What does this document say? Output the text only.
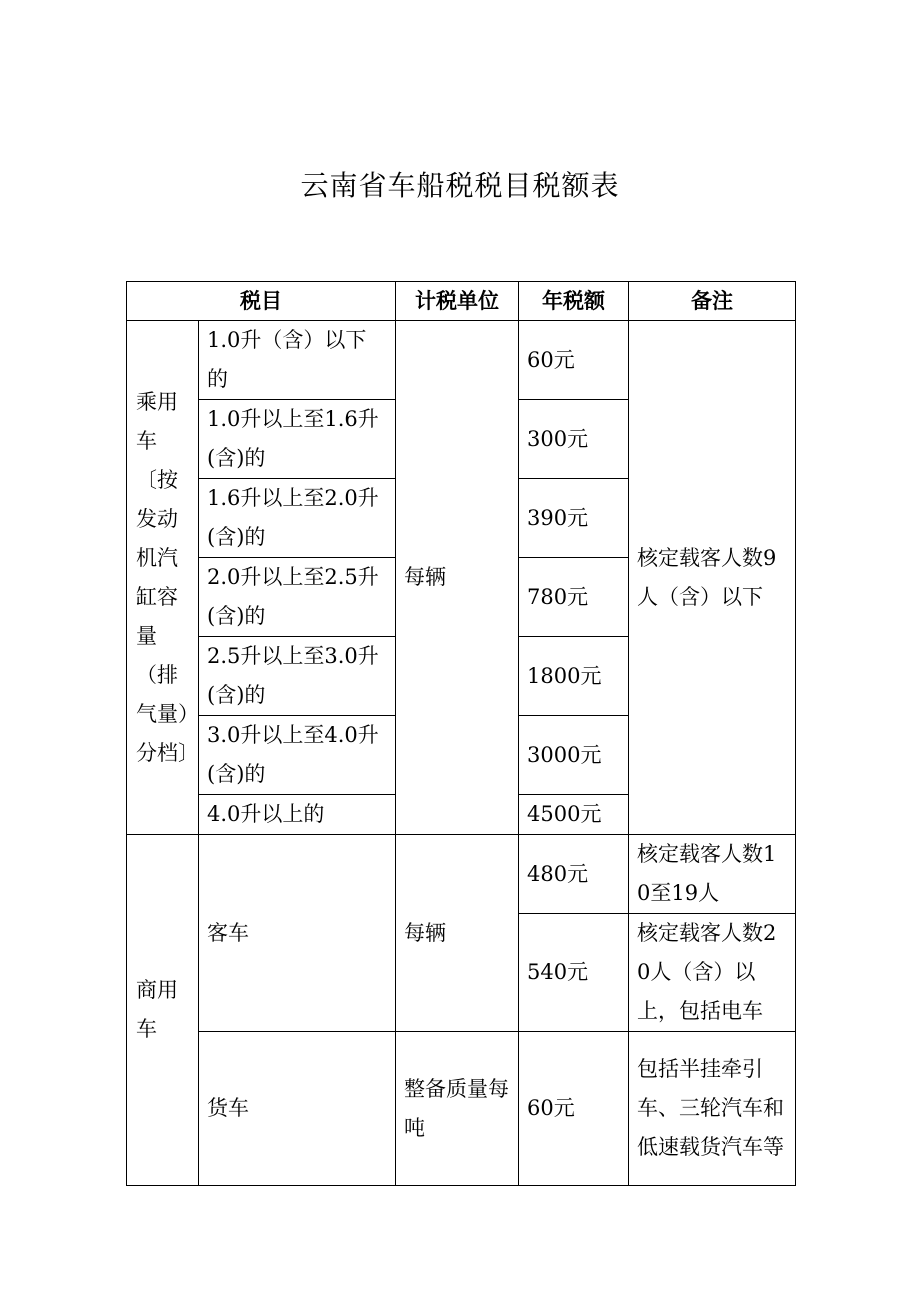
云南省车船税税目税额表
税目		计税单位	年税额	备注
乘用车〔按发动机汽缸容量（排气量）分档〕	1.0升（含）以下的	每辆	60元	核定载客人数9人（含）以下
	1.0升以上至1.6升(含)的		300元	
	1.6升以上至2.0升(含)的		390元	
	2.0升以上至2.5升(含)的		780元	
	2.5升以上至3.0升(含)的		1800元	
	3.0升以上至4.0升(含)的		3000元	
	4.0升以上的		4500元	
商用车	客车	每辆	480元	核定载客人数10至19人
			540元	核定载客人数20人（含）以上，包括电车
	货车	整备质量每吨	60元	包括半挂牵引车、三轮汽车和低速载货汽车等
